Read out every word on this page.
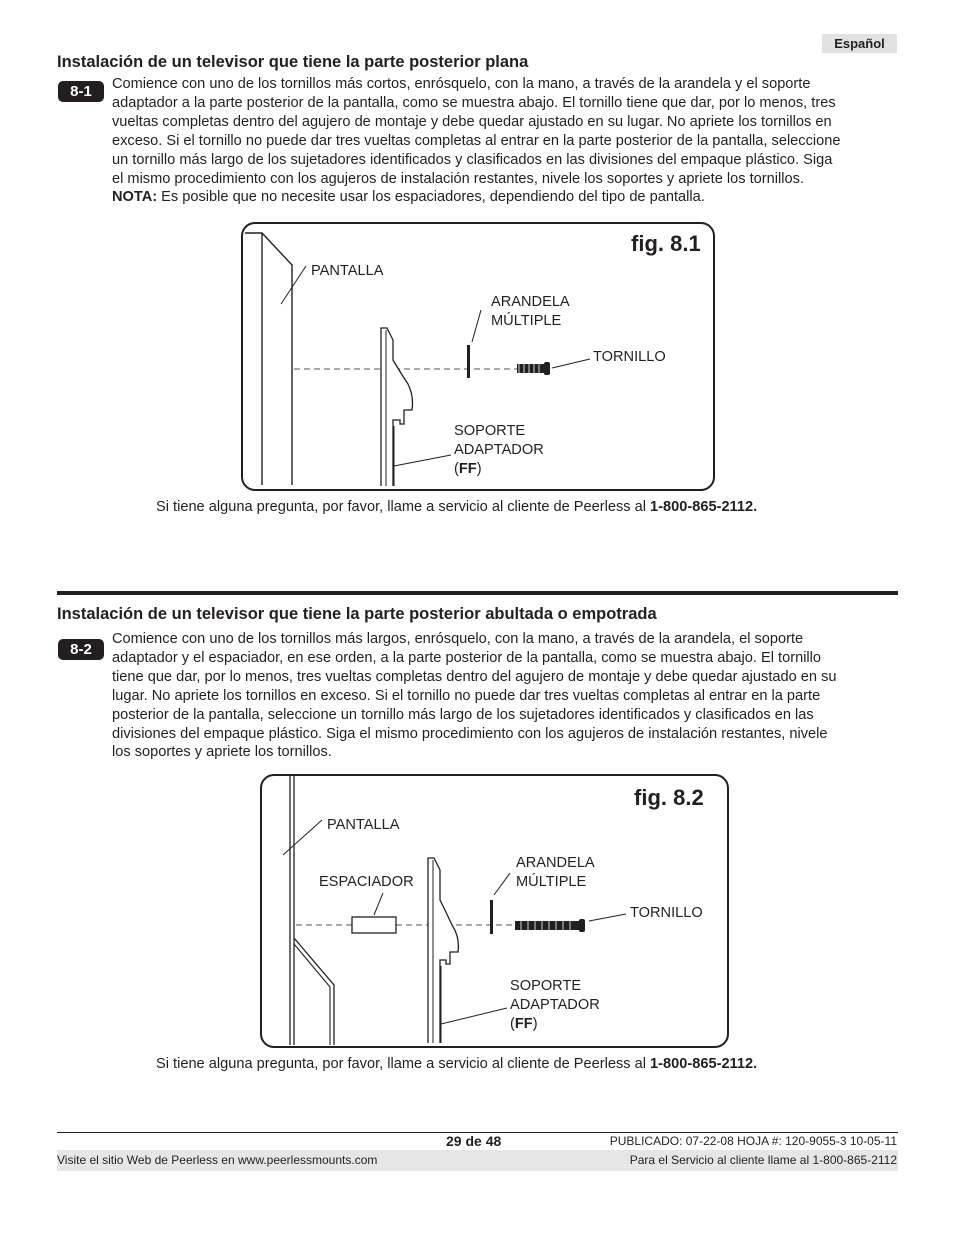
Español
Instalación de un televisor que tiene la parte posterior plana
8-1	Comience con uno de los tornillos más cortos, enrósquelo, con la mano, a través de la arandela y el soporte
adaptador a la parte posterior de la pantalla, como se muestra abajo. El tornillo tiene que dar, por lo menos, tres
vueltas completas dentro del agujero de montaje y debe quedar ajustado en su lugar. No apriete los tornillos en
exceso. Si el tornillo no puede dar tres vueltas completas al entrar en la parte posterior de la pantalla, seleccione
un tornillo más largo de los sujetadores identificados y clasificados en las divisiones del empaque plástico. Siga
el mismo procedimiento con los agujeros de instalación restantes, nivele los soportes y apriete los tornillos.
NOTA: Es posible que no necesite usar los espaciadores, dependiendo del tipo de pantalla.
fig. 8.1
PANTALLA
ARANDELA
MÚLTIPLE
TORNILLO
SOPORTE
ADAPTADOR
(FF)
Si tiene alguna pregunta, por favor, llame a servicio al cliente de Peerless al 1-800-865-2112.
Instalación de un televisor que tiene la parte posterior abultada o empotrada
8-2
Comience con uno de los tornillos más largos, enrósquelo, con la mano, a través de la arandela, el soporte
adaptador y el espaciador, en ese orden, a la parte posterior de la pantalla, como se muestra abajo. El tornillo
tiene que dar, por lo menos, tres vueltas completas dentro del agujero de montaje y debe quedar ajustado en su
lugar. No apriete los tornillos en exceso. Si el tornillo no puede dar tres vueltas completas al entrar en la parte
posterior de la pantalla, seleccione un tornillo más largo de los sujetadores identificados y clasificados en las
divisiones del empaque plástico. Siga el mismo procedimiento con los agujeros de instalación restantes, nivele
los soportes y apriete los tornillos.
fig. 8.2
PANTALLA
ESPACIADOR
ARANDELA
MÚLTIPLE
TORNILLO
SOPORTE
ADAPTADOR
(FF)
Si tiene alguna pregunta, por favor, llame a servicio al cliente de Peerless al 1-800-865-2112.
29 de 48	PUBLICADO: 07-22-08 HOJA #: 120-9055-3 10-05-11
Visite el sitio Web de Peerless en www.peerlessmounts.com	Para el Servicio al cliente llame al 1-800-865-2112
